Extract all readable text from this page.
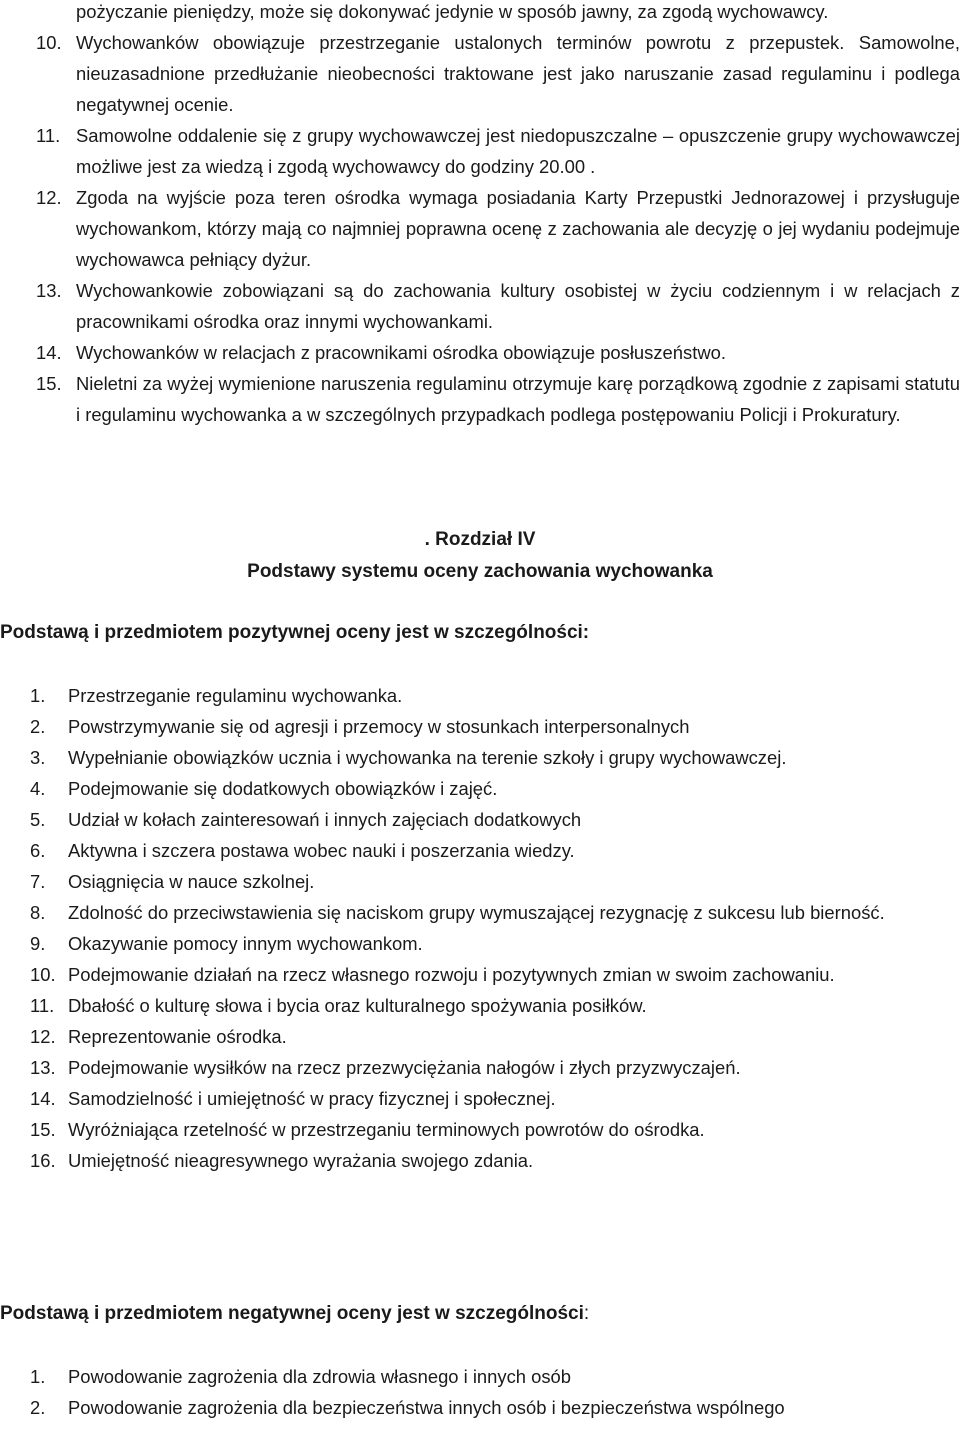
pożyczanie pieniędzy, może się dokonywać jedynie w sposób jawny, za zgodą wychowawcy.
10. Wychowanków obowiązuje przestrzeganie ustalonych terminów powrotu z przepustek. Samowolne, nieuzasadnione przedłużanie nieobecności traktowane jest jako naruszanie zasad regulaminu i podlega negatywnej ocenie.
11. Samowolne oddalenie się z grupy wychowawczej jest niedopuszczalne – opuszczenie grupy wychowawczej możliwe jest za wiedzą i zgodą wychowawcy do godziny 20.00 .
12. Zgoda na wyjście poza teren ośrodka wymaga posiadania Karty Przepustki Jednorazowej i przysługuje wychowankom, którzy mają co najmniej poprawna ocenę z zachowania ale decyzję o jej wydaniu podejmuje wychowawca pełniący dyżur.
13. Wychowankowie zobowiązani są do zachowania kultury osobistej w życiu codziennym i w relacjach z pracownikami ośrodka oraz innymi wychowankami.
14. Wychowanków w relacjach z pracownikami ośrodka obowiązuje posłuszeństwo.
15. Nieletni za wyżej wymienione naruszenia regulaminu otrzymuje karę porządkową zgodnie z zapisami statutu i regulaminu wychowanka a w szczególnych przypadkach podlega postępowaniu Policji i Prokuratury.
. Rozdział IV
Podstawy systemu oceny zachowania wychowanka
Podstawą i przedmiotem pozytywnej oceny jest w szczególności:
1. Przestrzeganie regulaminu wychowanka.
2. Powstrzymywanie się od agresji i przemocy w stosunkach interpersonalnych
3. Wypełnianie obowiązków ucznia i wychowanka na terenie szkoły i grupy wychowawczej.
4. Podejmowanie się dodatkowych obowiązków i zajęć.
5. Udział w kołach zainteresowań i innych zajęciach dodatkowych
6. Aktywna i szczera postawa wobec nauki i poszerzania wiedzy.
7. Osiągnięcia w nauce szkolnej.
8. Zdolność do przeciwstawienia się naciskom grupy wymuszającej rezygnację z sukcesu lub bierność.
9. Okazywanie pomocy innym wychowankom.
10. Podejmowanie działań na rzecz własnego rozwoju i pozytywnych zmian w swoim zachowaniu.
11. Dbałość o kulturę słowa i bycia oraz kulturalnego spożywania posiłków.
12. Reprezentowanie ośrodka.
13. Podejmowanie wysiłków na rzecz przezwyciężania nałogów i złych przyzwyczajeń.
14. Samodzielność i umiejętność w pracy fizycznej i społecznej.
15. Wyróżniająca rzetelność w przestrzeganiu terminowych powrotów do ośrodka.
16. Umiejętność nieagresywnego wyrażania swojego zdania.
Podstawą i przedmiotem negatywnej oceny jest w szczególności:
1. Powodowanie zagrożenia dla zdrowia własnego i innych osób
2. Powodowanie zagrożenia dla bezpieczeństwa innych osób i bezpieczeństwa wspólnego
